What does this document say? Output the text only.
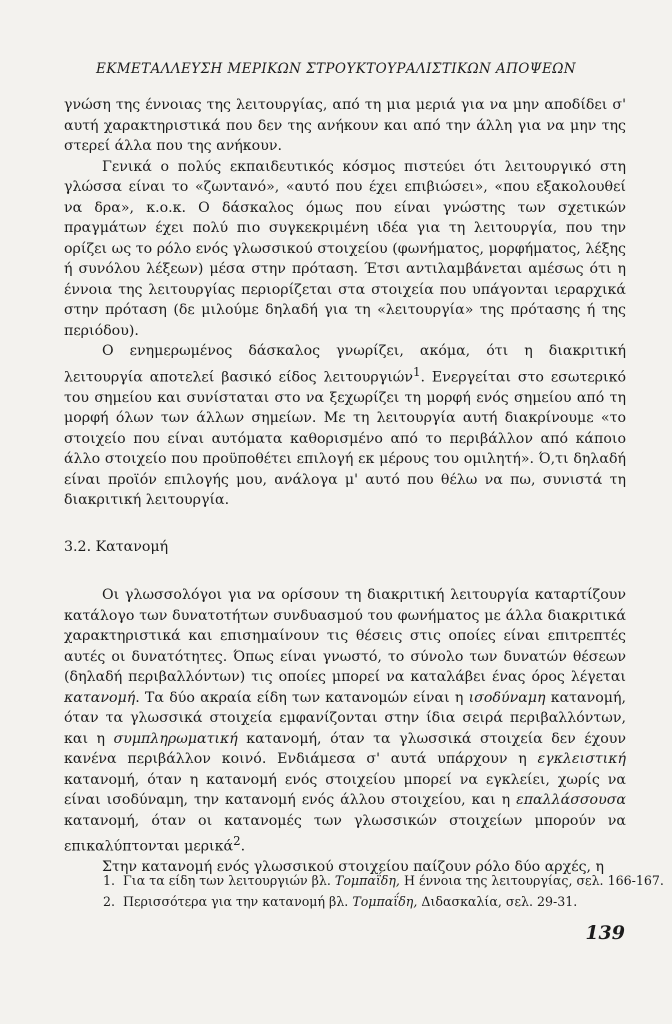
ΕΚΜΕΤΑΛΛΕΥΣΗ ΜΕΡΙΚΩΝ ΣΤΡΟΥΚΤΟΥΡΑΛΙΣΤΙΚΩΝ ΑΠΟΨΕΩΝ

γνώση της έννοιας της λειτουργίας, από τη μια μεριά για να μην αποδίδει σ' αυτή χαρακτηριστικά που δεν της ανήκουν και από την άλλη για να μην της στερεί άλλα που της ανήκουν.

Γενικά ο πολύς εκπαιδευτικός κόσμος πιστεύει ότι λειτουργικό στη γλώσσα είναι το «ζωντανό», «αυτό που έχει επιβιώσει», «που εξακολουθεί να δρα», κ.ο.κ. Ο δάσκαλος όμως που είναι γνώστης των σχετικών πραγμάτων έχει πολύ πιο συγκεκριμένη ιδέα για τη λειτουργία, που την ορίζει ως το ρόλο ενός γλωσσικού στοιχείου (φωνήματος, μορφήματος, λέξης ή συνόλου λέξεων) μέσα στην πρόταση. Έτσι αντιλαμβάνεται αμέσως ότι η έννοια της λειτουργίας περιορίζεται στα στοιχεία που υπάγονται ιεραρχικά στην πρόταση (δε μιλούμε δηλαδή για τη «λειτουργία» της πρότασης ή της περιόδου).

Ο ενημερωμένος δάσκαλος γνωρίζει, ακόμα, ότι η διακριτική λειτουργία αποτελεί βασικό είδος λειτουργιών$^1$. Ενεργείται στο εσωτερικό του σημείου και συνίσταται στο να ξεχωρίζει τη μορφή ενός σημείου από τη μορφή όλων των άλλων σημείων. Με τη λειτουργία αυτή διακρίνουμε «το στοιχείο που είναι αυτόματα καθορισμένο από το περιβάλλον από κάποιο άλλο στοιχείο που προϋποθέτει επιλογή εκ μέρους του ομιλητή». Ό,τι δηλαδή είναι προϊόν επιλογής μου, ανάλογα μ' αυτό που θέλω να πω, συνιστά τη διακριτική λειτουργία.

3.2. Κατανομή

Οι γλωσσολόγοι για να ορίσουν τη διακριτική λειτουργία καταρτίζουν κατάλογο των δυνατοτήτων συνδυασμού του φωνήματος με άλλα διακριτικά χαρακτηριστικά και επισημαίνουν τις θέσεις στις οποίες είναι επιτρεπτές αυτές οι δυνατότητες. Όπως είναι γνωστό, το σύνολο των δυνατών θέσεων (δηλαδή περιβαλλόντων) τις οποίες μπορεί να καταλάβει ένας όρος λέγεται κατανομή. Τα δύο ακραία είδη των κατανομών είναι η ισοδύναμη κατανομή, όταν τα γλωσσικά στοιχεία εμφανίζονται στην ίδια σειρά περιβαλλόντων, και η συμπληρωματική κατανομή, όταν τα γλωσσικά στοιχεία δεν έχουν κανένα περιβάλλον κοινό. Ενδιάμεσα σ' αυτά υπάρχουν η εγκλειστική κατανομή, όταν η κατανομή ενός στοιχείου μπορεί να εγκλείει, χωρίς να είναι ισοδύναμη, την κατανομή ενός άλλου στοιχείου, και η επαλλάσσουσα κατανομή, όταν οι κατανομές των γλωσσικών στοιχείων μπορούν να επικαλύπτονται μερικά$^2$.

Στην κατανομή ενός γλωσσικού στοιχείου παίζουν ρόλο δύο αρχές, η

1. Για τα είδη των λειτουργιών βλ. Τομπαΐδη, Η έννοια της λειτουργίας, σελ. 166-167.

2. Περισσότερα για την κατανομή βλ. Τομπαΐδη, Διδασκαλία, σελ. 29-31.

139
